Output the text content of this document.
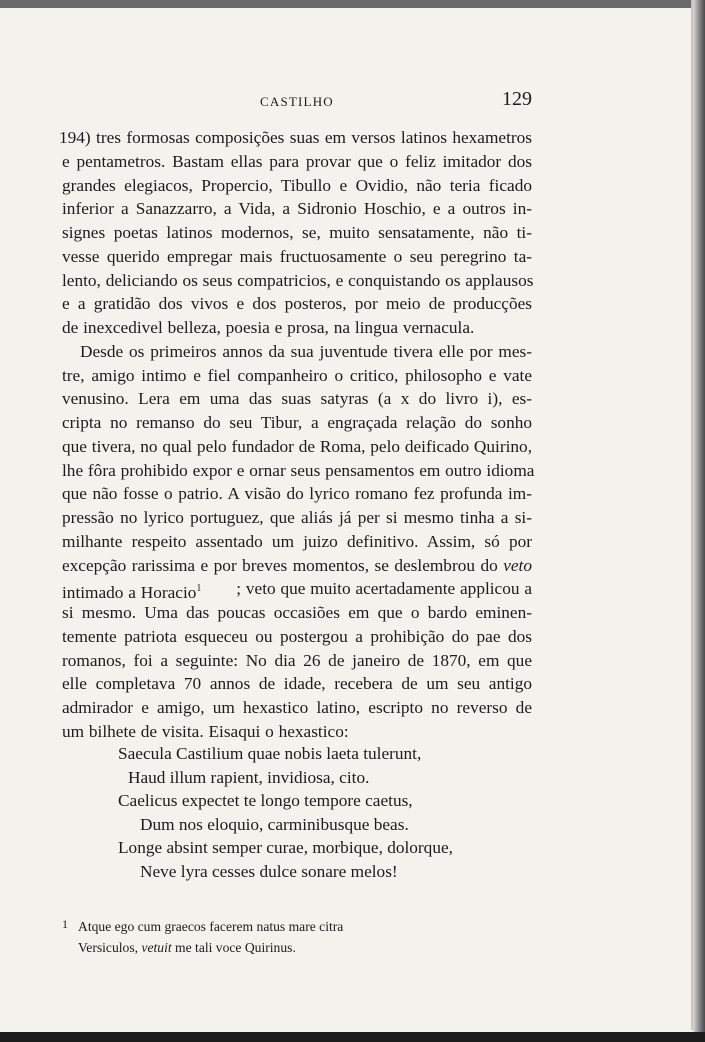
CASTILHO	129
194) tres formosas composições suas em versos latinos hexametros
e pentametros. Bastam ellas para provar que o feliz imitador dos
grandes elegiacos, Propercio, Tibullo e Ovidio, não teria ficado
inferior a Sanazzarro, a Vida, a Sidronio Hoschio, e a outros in-
signes poetas latinos modernos, se, muito sensatamente, não ti-
vesse querido empregar mais fructuosamente o seu peregrino ta-
lento, deliciando os seus compatricios, e conquistando os applausos
e a gratidão dos vivos e dos posteros, por meio de producções
de inexcedivel belleza, poesia e prosa, na lingua vernacula.
Desde os primeiros annos da sua juventude tivera elle por mes-
tre, amigo intimo e fiel companheiro o critico, philosopho e vate
venusino. Lera em uma das suas satyras (a x do livro i), es-
cripta no remanso do seu Tibur, a engraçada relação do sonho
que tivera, no qual pelo fundador de Roma, pelo deificado Quirino,
lhe fôra prohibido expor e ornar seus pensamentos em outro idioma
que não fosse o patrio. A visão do lyrico romano fez profunda im-
pressão no lyrico portuguez, que aliás já per si mesmo tinha a si-
milhante respeito assentado um juizo definitivo. Assim, só por
excepção rarissima e por breves momentos, se deslembrou do veto
intimado a Horacio$^1$ ; veto que muito acertadamente applicou a
si mesmo. Uma das poucas occasiões em que o bardo eminen-
temente patriota esqueceu ou postergou a prohibição do pae dos
romanos, foi a seguinte: No dia 26 de janeiro de 1870, em que
elle completava 70 annos de idade, recebera de um seu antigo
admirador e amigo, um hexastico latino, escripto no reverso de
um bilhete de visita. Eisaqui o hexastico:
Saecula Castilium quae nobis laeta tulerunt,
Haud illum rapient, invidiosa, cito.
Caelicus expectet te longo tempore caetus,
Dum nos eloquio, carminibusque beas.
Longe absint semper curae, morbique, dolorque,
Neve lyra cesses dulce sonare melos!
1 Atque ego cum graecos facerem natus mare citra
Versiculos, vetuit me tali voce Quirinus.
